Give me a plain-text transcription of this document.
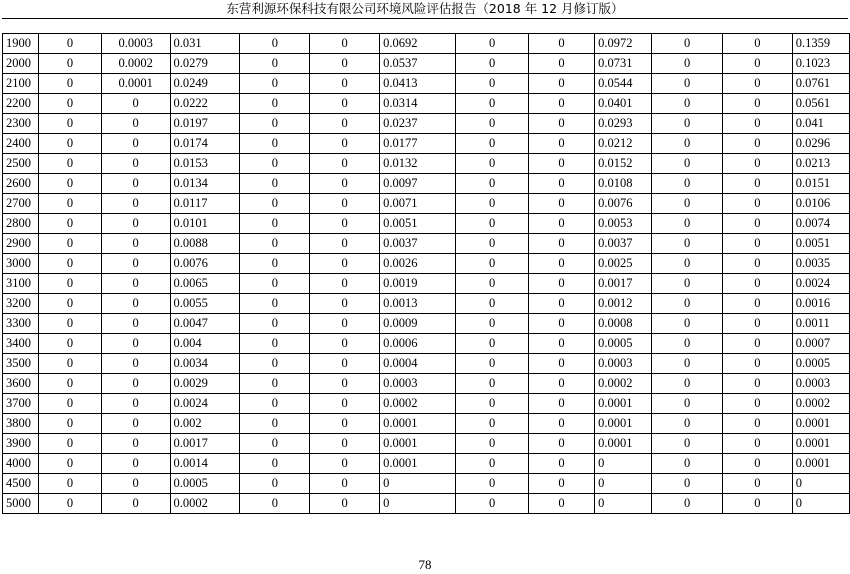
东营利源环保科技有限公司环境风险评估报告（2018 年 12 月修订版）
1900	0	0.0003	0.031	0	0	0.0692	0	0	0.0972	0	0	0.1359
2000	0	0.0002	0.0279	0	0	0.0537	0	0	0.0731	0	0	0.1023
2100	0	0.0001	0.0249	0	0	0.0413	0	0	0.0544	0	0	0.0761
2200	0	0	0.0222	0	0	0.0314	0	0	0.0401	0	0	0.0561
2300	0	0	0.0197	0	0	0.0237	0	0	0.0293	0	0	0.041
2400	0	0	0.0174	0	0	0.0177	0	0	0.0212	0	0	0.0296
2500	0	0	0.0153	0	0	0.0132	0	0	0.0152	0	0	0.0213
2600	0	0	0.0134	0	0	0.0097	0	0	0.0108	0	0	0.0151
2700	0	0	0.0117	0	0	0.0071	0	0	0.0076	0	0	0.0106
2800	0	0	0.0101	0	0	0.0051	0	0	0.0053	0	0	0.0074
2900	0	0	0.0088	0	0	0.0037	0	0	0.0037	0	0	0.0051
3000	0	0	0.0076	0	0	0.0026	0	0	0.0025	0	0	0.0035
3100	0	0	0.0065	0	0	0.0019	0	0	0.0017	0	0	0.0024
3200	0	0	0.0055	0	0	0.0013	0	0	0.0012	0	0	0.0016
3300	0	0	0.0047	0	0	0.0009	0	0	0.0008	0	0	0.0011
3400	0	0	0.004	0	0	0.0006	0	0	0.0005	0	0	0.0007
3500	0	0	0.0034	0	0	0.0004	0	0	0.0003	0	0	0.0005
3600	0	0	0.0029	0	0	0.0003	0	0	0.0002	0	0	0.0003
3700	0	0	0.0024	0	0	0.0002	0	0	0.0001	0	0	0.0002
3800	0	0	0.002	0	0	0.0001	0	0	0.0001	0	0	0.0001
3900	0	0	0.0017	0	0	0.0001	0	0	0.0001	0	0	0.0001
4000	0	0	0.0014	0	0	0.0001	0	0	0	0	0	0.0001
4500	0	0	0.0005	0	0	0	0	0	0	0	0	0
5000	0	0	0.0002	0	0	0	0	0	0	0	0	0
78
